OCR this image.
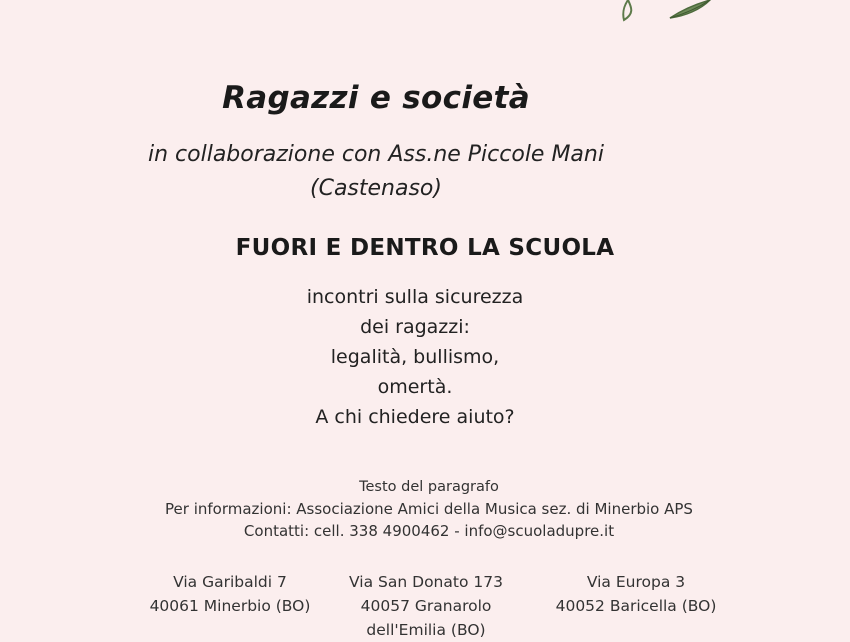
Ragazzi e società
in collaborazione con Ass.ne Piccole Mani
(Castenaso)
FUORI E DENTRO LA SCUOLA
incontri sulla sicurezza
dei ragazzi:
legalità, bullismo,
omertà.
A chi chiedere aiuto?
Testo del paragrafo
Per informazioni: Associazione Amici della Musica sez. di Minerbio APS
Contatti: cell. 338 4900462 - info@scuoladupre.it
Via Garibaldi 7
40061 Minerbio (BO)
Via San Donato 173
40057 Granarolo
dell'Emilia (BO)
Via Europa 3
40052 Baricella (BO)
